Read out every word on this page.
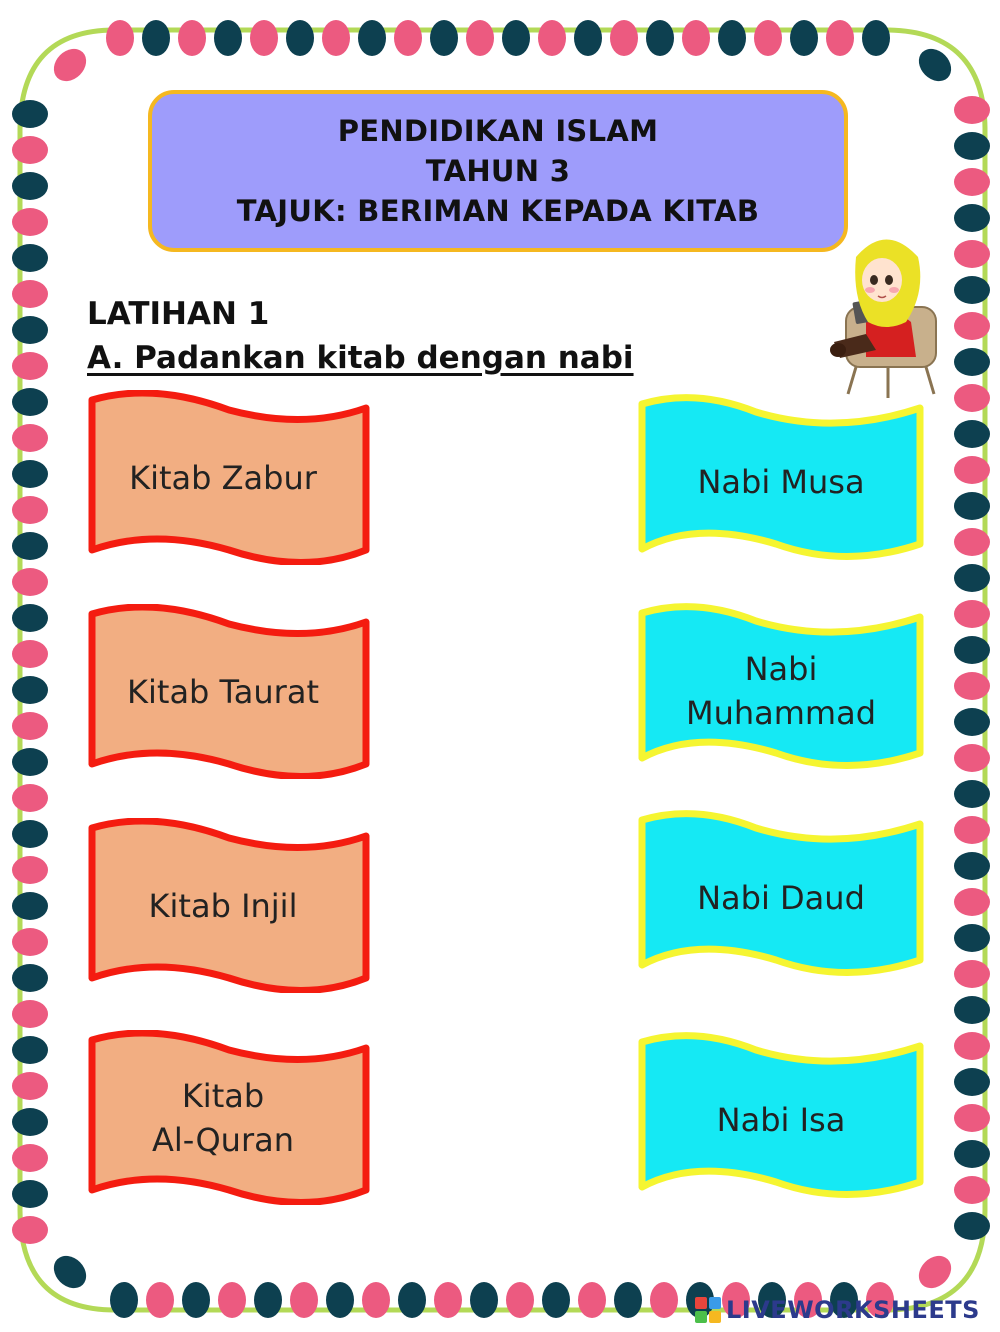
PENDIDIKAN ISLAM
TAHUN 3
TAJUK: BERIMAN KEPADA KITAB
LATIHAN 1
A. Padankan kitab dengan nabi
Kitab Zabur
Kitab Taurat
Kitab Injil
Kitab
Al-Quran
Nabi Musa
Nabi
Muhammad
Nabi Daud
Nabi Isa
LIVEWORKSHEETS
